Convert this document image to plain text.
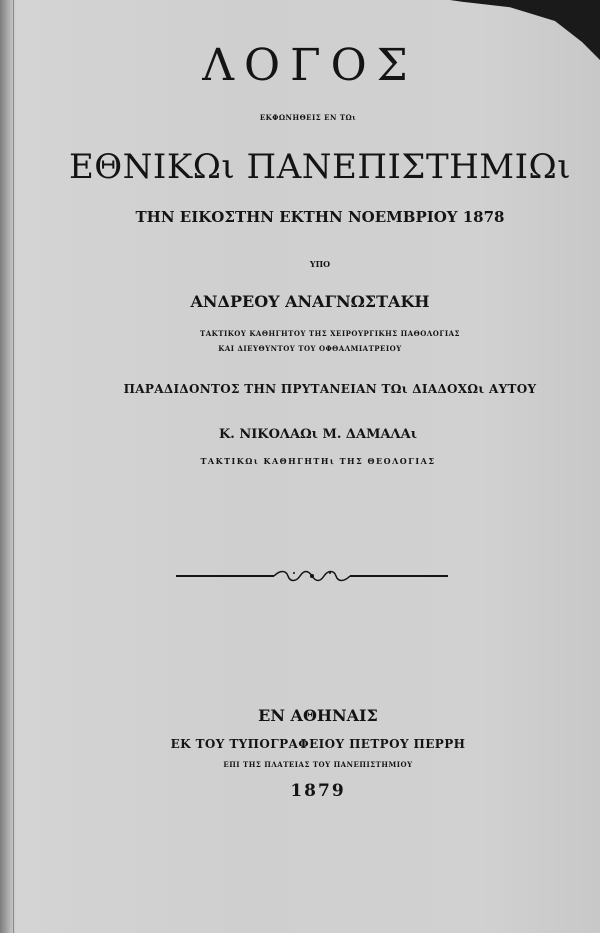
ΛΟΓΟΣ
ΕΚΦΩΝΗΘΕΙΣ ΕΝ ΤΩι
ΕΘΝΙΚΩι ΠΑΝΕΠΙΣΤΗΜΙΩι
ΤΗΝ ΕΙΚΟΣΤΗΝ ΕΚΤΗΝ ΝΟΕΜΒΡΙΟΥ 1878
ΥΠΟ
ΑΝΔΡΕΟΥ ΑΝΑΓΝΩΣΤΑΚΗ
ΤΑΚΤΙΚΟΥ ΚΑΘΗΓΗΤΟΥ ΤΗΣ ΧΕΙΡΟΥΡΓΙΚΗΣ ΠΑΘΟΛΟΓΙΑΣ
ΚΑΙ ΔΙΕΥΘΥΝΤΟΥ ΤΟΥ ΟΦΘΑΛΜΙΑΤΡΕΙΟΥ
ΠΑΡΑΔΙΔΟΝΤΟΣ ΤΗΝ ΠΡΥΤΑΝΕΙΑΝ ΤΩι ΔΙΑΔΟΧΩι ΑΥΤΟΥ
Κ. ΝΙΚΟΛΑΩι Μ. ΔΑΜΑΛΑι
ΤΑΚΤΙΚΩι ΚΑΘΗΓΗΤΗι ΤΗΣ ΘΕΟΛΟΓΙΑΣ
ΕΝ ΑΘΗΝΑΙΣ
ΕΚ ΤΟΥ ΤΥΠΟΓΡΑΦΕΙΟΥ ΠΕΤΡΟΥ ΠΕΡΡΗ
ΕΠΙ ΤΗΣ ΠΛΑΤΕΙΑΣ ΤΟΥ ΠΑΝΕΠΙΣΤΗΜΙΟΥ
1879
